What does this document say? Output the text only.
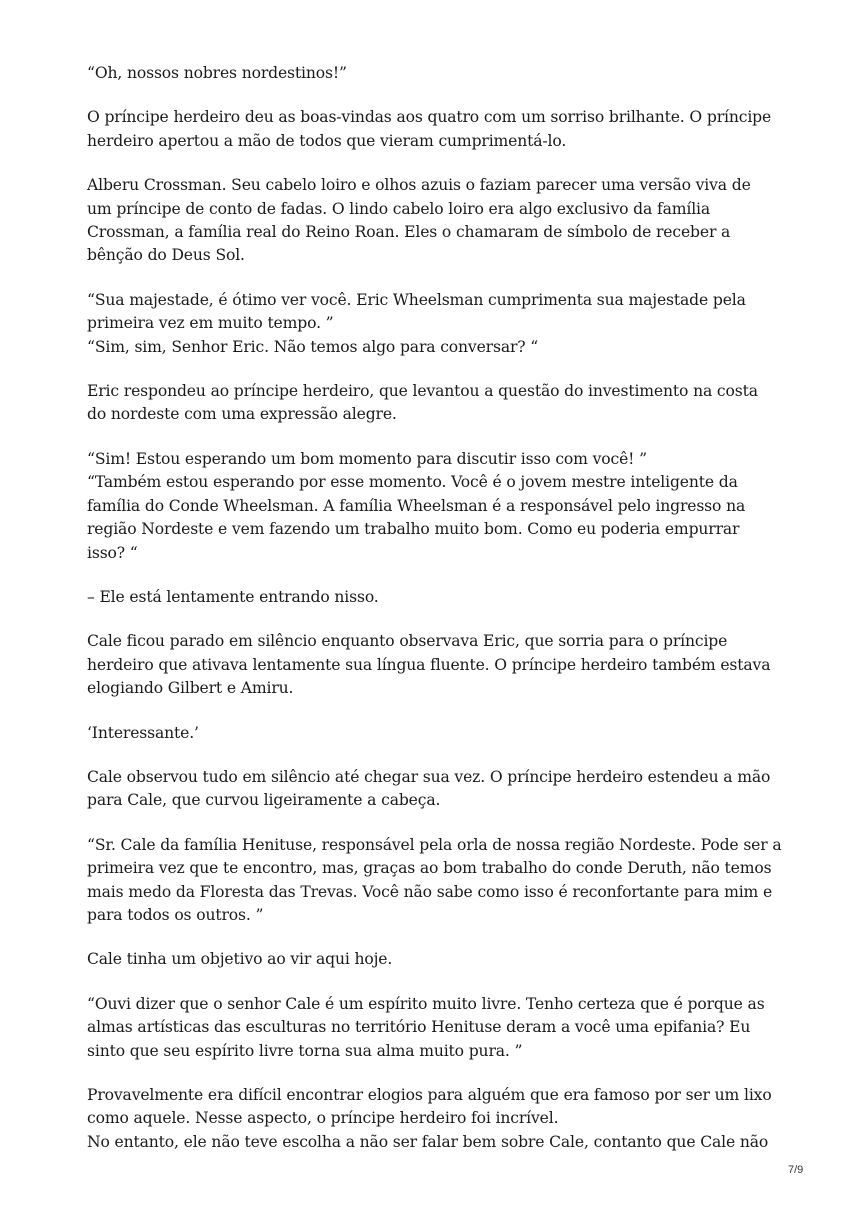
“Oh, nossos nobres nordestinos!”

O príncipe herdeiro deu as boas-vindas aos quatro com um sorriso brilhante. O príncipe
herdeiro apertou a mão de todos que vieram cumprimentá-lo.

Alberu Crossman. Seu cabelo loiro e olhos azuis o faziam parecer uma versão viva de
um príncipe de conto de fadas. O lindo cabelo loiro era algo exclusivo da família
Crossman, a família real do Reino Roan. Eles o chamaram de símbolo de receber a
bênção do Deus Sol.

“Sua majestade, é ótimo ver você. Eric Wheelsman cumprimenta sua majestade pela
primeira vez em muito tempo. ”
“Sim, sim, Senhor Eric. Não temos algo para conversar? “

Eric respondeu ao príncipe herdeiro, que levantou a questão do investimento na costa
do nordeste com uma expressão alegre.

“Sim! Estou esperando um bom momento para discutir isso com você! ”
“Também estou esperando por esse momento. Você é o jovem mestre inteligente da
família do Conde Wheelsman. A família Wheelsman é a responsável pelo ingresso na
região Nordeste e vem fazendo um trabalho muito bom. Como eu poderia empurrar
isso? “

– Ele está lentamente entrando nisso.

Cale ficou parado em silêncio enquanto observava Eric, que sorria para o príncipe
herdeiro que ativava lentamente sua língua fluente. O príncipe herdeiro também estava
elogiando Gilbert e Amiru.

‘Interessante.’

Cale observou tudo em silêncio até chegar sua vez. O príncipe herdeiro estendeu a mão
para Cale, que curvou ligeiramente a cabeça.

“Sr. Cale da família Henituse, responsável pela orla de nossa região Nordeste. Pode ser a
primeira vez que te encontro, mas, graças ao bom trabalho do conde Deruth, não temos
mais medo da Floresta das Trevas. Você não sabe como isso é reconfortante para mim e
para todos os outros. ”

Cale tinha um objetivo ao vir aqui hoje.

“Ouvi dizer que o senhor Cale é um espírito muito livre. Tenho certeza que é porque as
almas artísticas das esculturas no território Henituse deram a você uma epifania? Eu
sinto que seu espírito livre torna sua alma muito pura. ”

Provavelmente era difícil encontrar elogios para alguém que era famoso por ser um lixo
como aquele. Nesse aspecto, o príncipe herdeiro foi incrível.
No entanto, ele não teve escolha a não ser falar bem sobre Cale, contanto que Cale não

7/9
